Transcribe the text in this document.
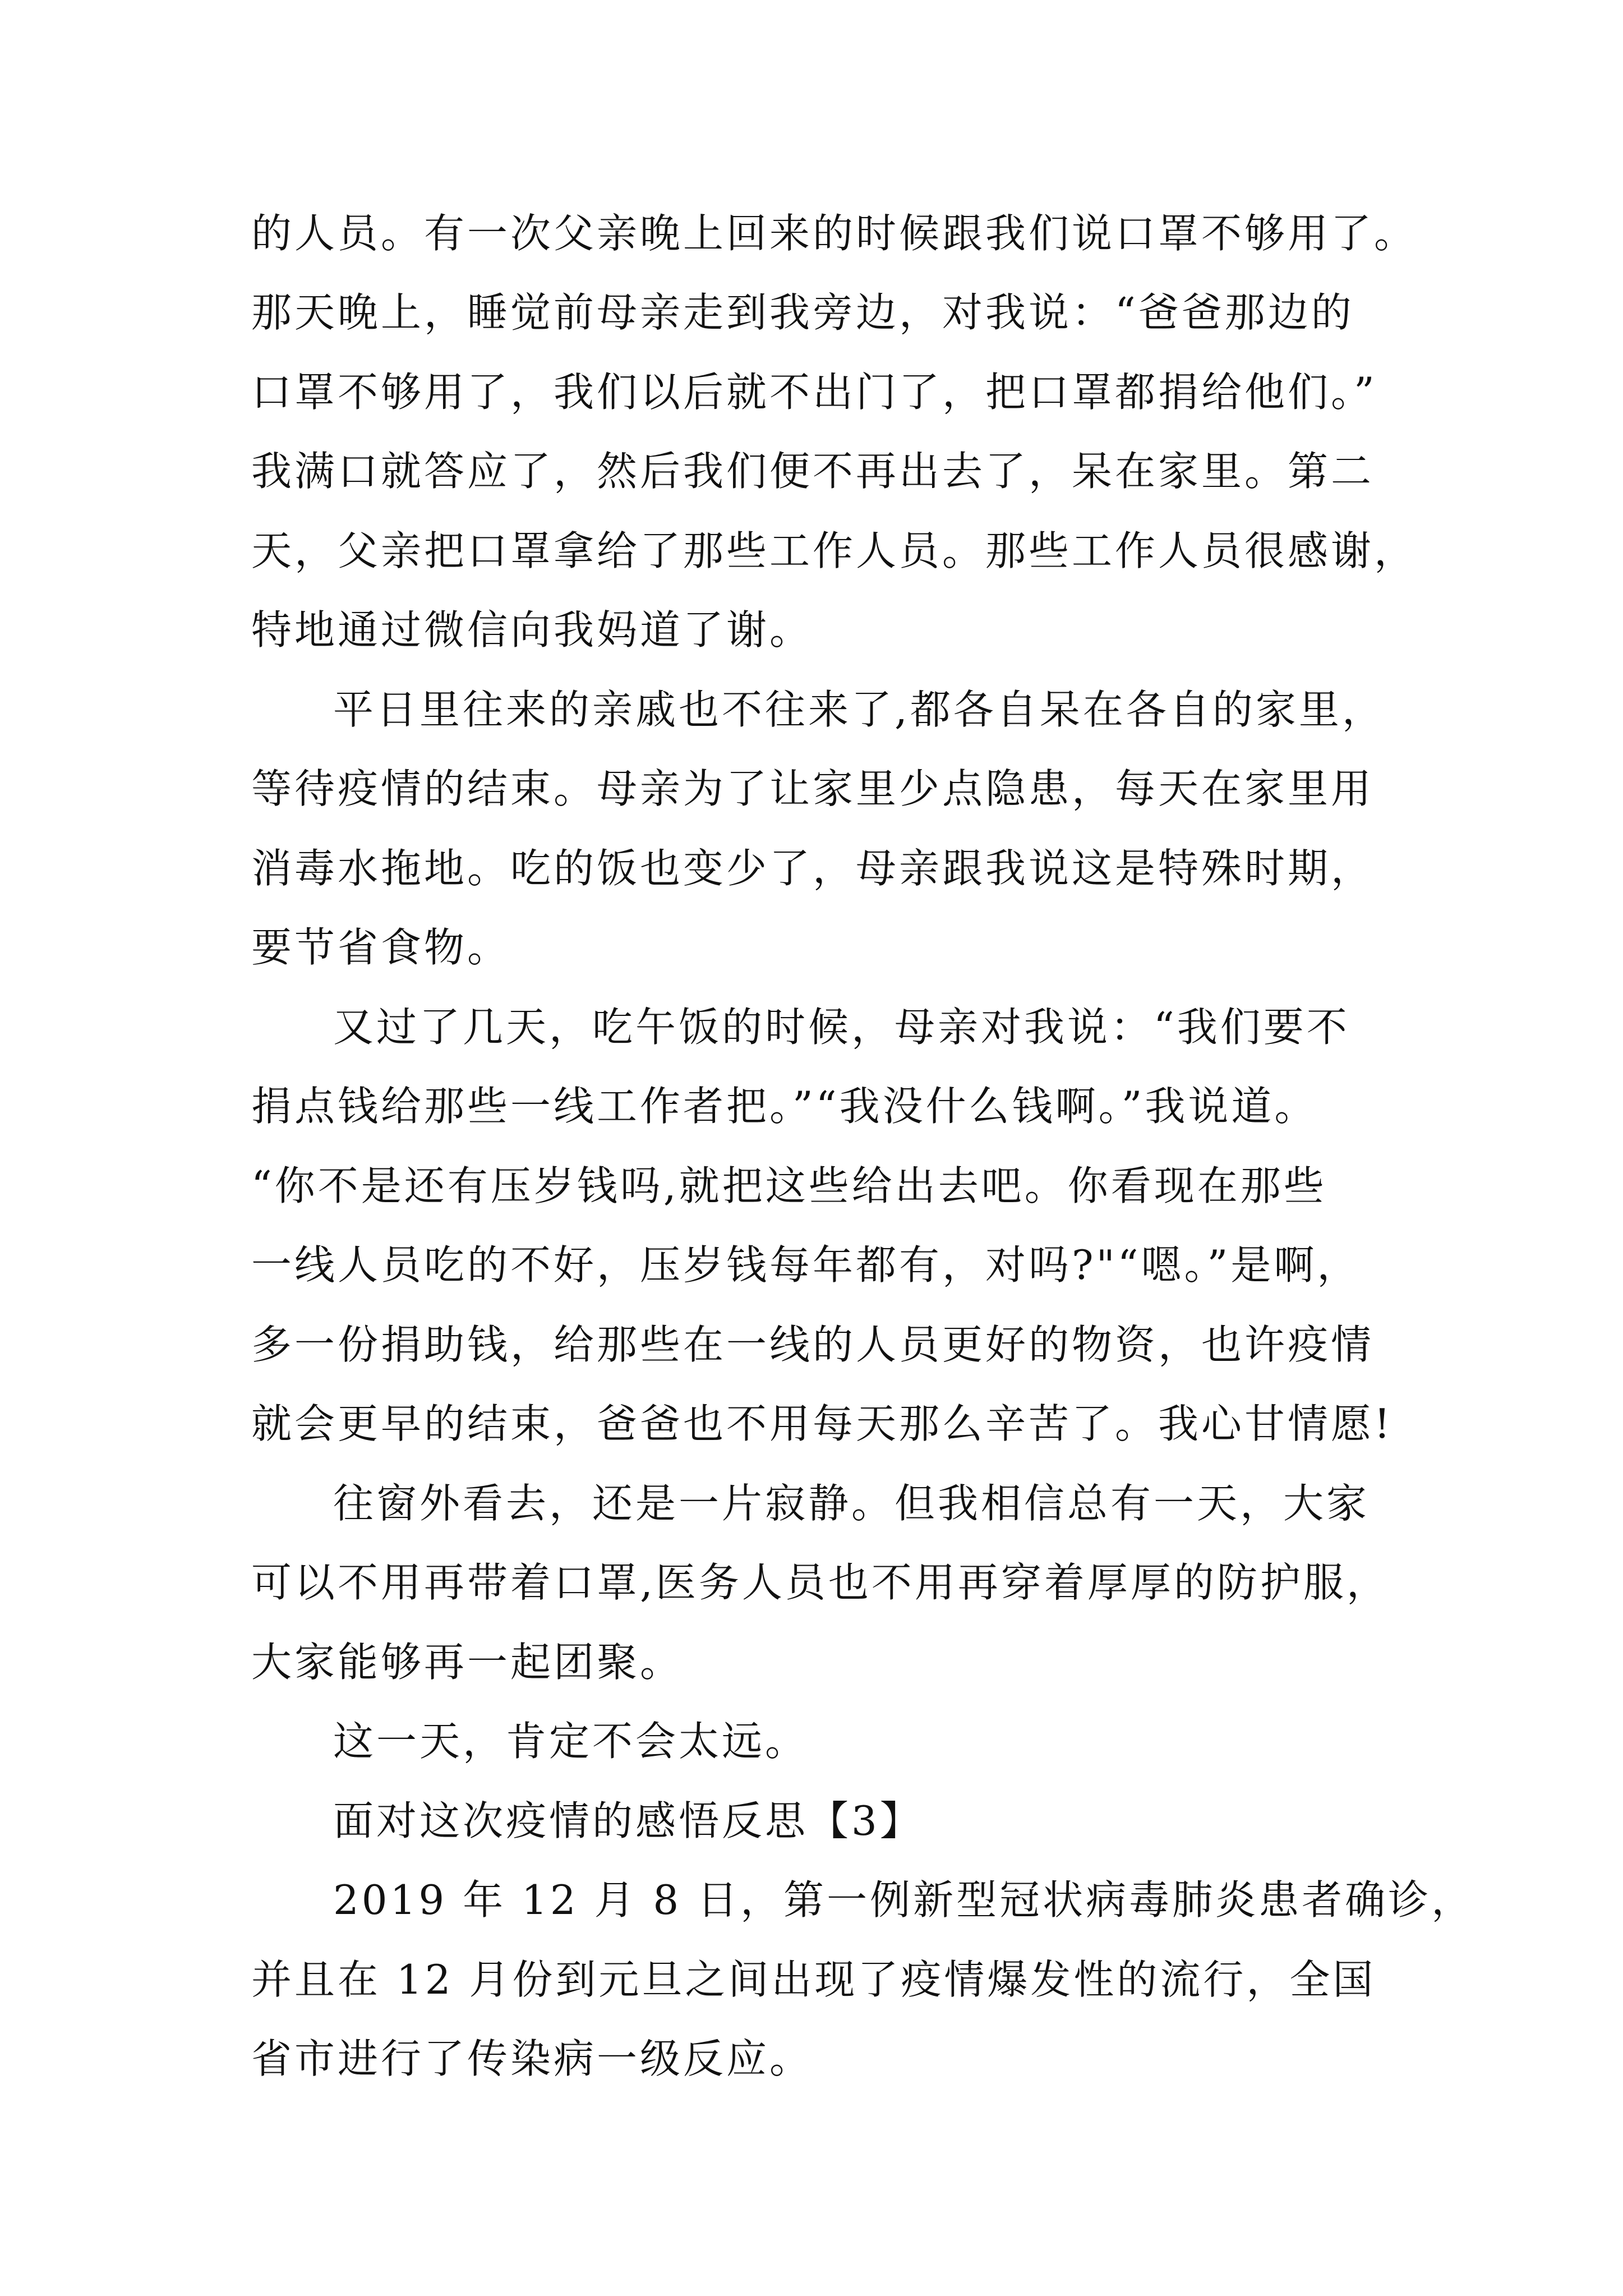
的人员。有一次父亲晚上回来的时候跟我们说口罩不够用了。
那天晚上，睡觉前母亲走到我旁边，对我说：“爸爸那边的
口罩不够用了，我们以后就不出门了，把口罩都捐给他们。”
我满口就答应了，然后我们便不再出去了，呆在家里。第二
天，父亲把口罩拿给了那些工作人员。那些工作人员很感谢，
特地通过微信向我妈道了谢。
平日里往来的亲戚也不往来了,都各自呆在各自的家里，
等待疫情的结束。母亲为了让家里少点隐患，每天在家里用
消毒水拖地。吃的饭也变少了，母亲跟我说这是特殊时期，
要节省食物。
又过了几天，吃午饭的时候，母亲对我说：“我们要不
捐点钱给那些一线工作者把。”“我没什么钱啊。”我说道。
“你不是还有压岁钱吗,就把这些给出去吧。你看现在那些
一线人员吃的不好，压岁钱每年都有，对吗?"“嗯。”是啊，
多一份捐助钱，给那些在一线的人员更好的物资，也许疫情
就会更早的结束，爸爸也不用每天那么辛苦了。我心甘情愿!
往窗外看去，还是一片寂静。但我相信总有一天，大家
可以不用再带着口罩,医务人员也不用再穿着厚厚的防护服，
大家能够再一起团聚。
这一天，肯定不会太远。
面对这次疫情的感悟反思【3】
2019 年 12 月 8 日，第一例新型冠状病毒肺炎患者确诊，
并且在 12 月份到元旦之间出现了疫情爆发性的流行，全国
省市进行了传染病一级反应。
